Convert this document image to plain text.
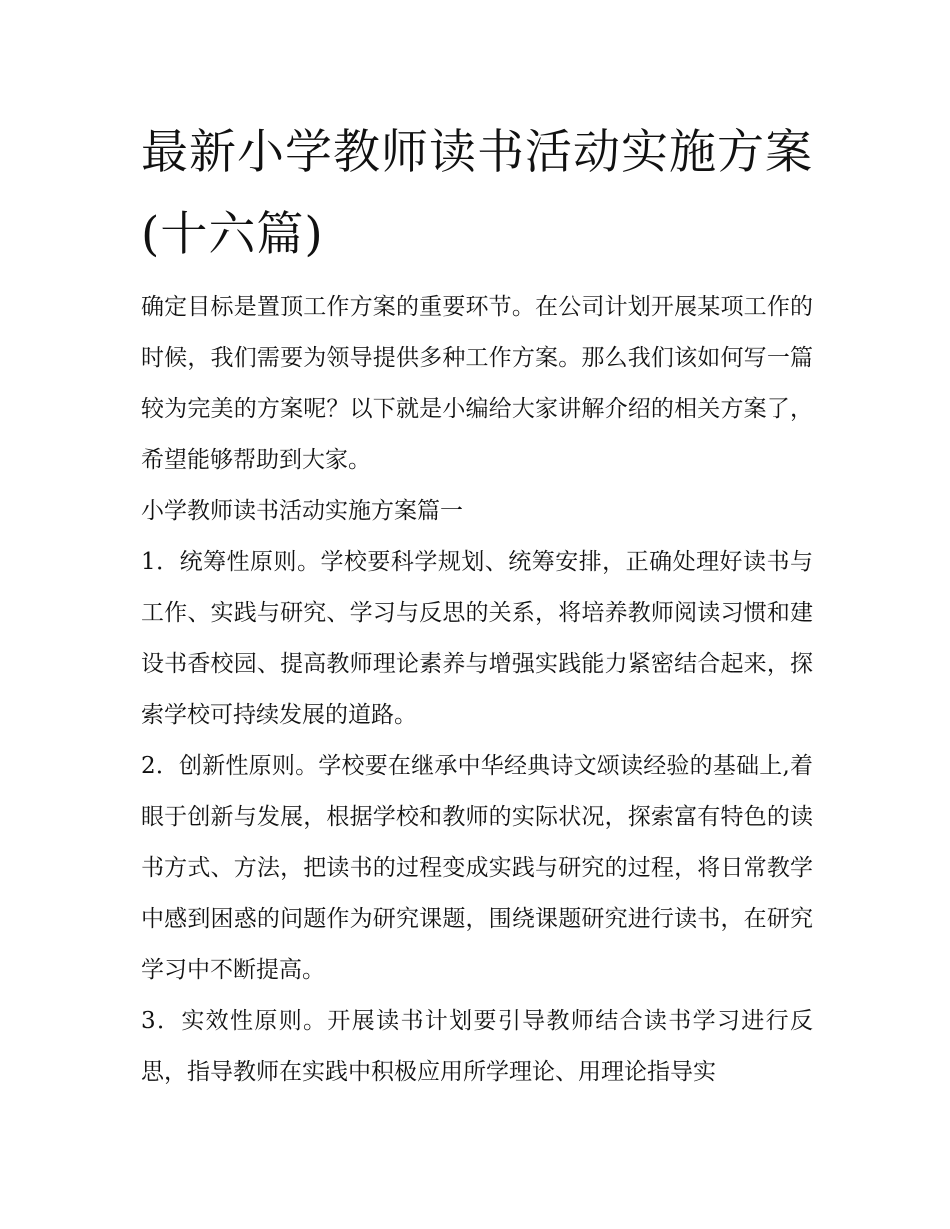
最新小学教师读书活动实施方案(十六篇)

确定目标是置顶工作方案的重要环节。在公司计划开展某项工作的时候，我们需要为领导提供多种工作方案。那么我们该如何写一篇较为完美的方案呢？以下就是小编给大家讲解介绍的相关方案了，希望能够帮助到大家。

小学教师读书活动实施方案篇一

1．统筹性原则。学校要科学规划、统筹安排，正确处理好读书与工作、实践与研究、学习与反思的关系，将培养教师阅读习惯和建设书香校园、提高教师理论素养与增强实践能力紧密结合起来，探索学校可持续发展的道路。

2．创新性原则。学校要在继承中华经典诗文颂读经验的基础上,着眼于创新与发展，根据学校和教师的实际状况，探索富有特色的读书方式、方法，把读书的过程变成实践与研究的过程，将日常教学中感到困惑的问题作为研究课题，围绕课题研究进行读书，在研究学习中不断提高。

3．实效性原则。开展读书计划要引导教师结合读书学习进行反思，指导教师在实践中积极应用所学理论、用理论指导实
